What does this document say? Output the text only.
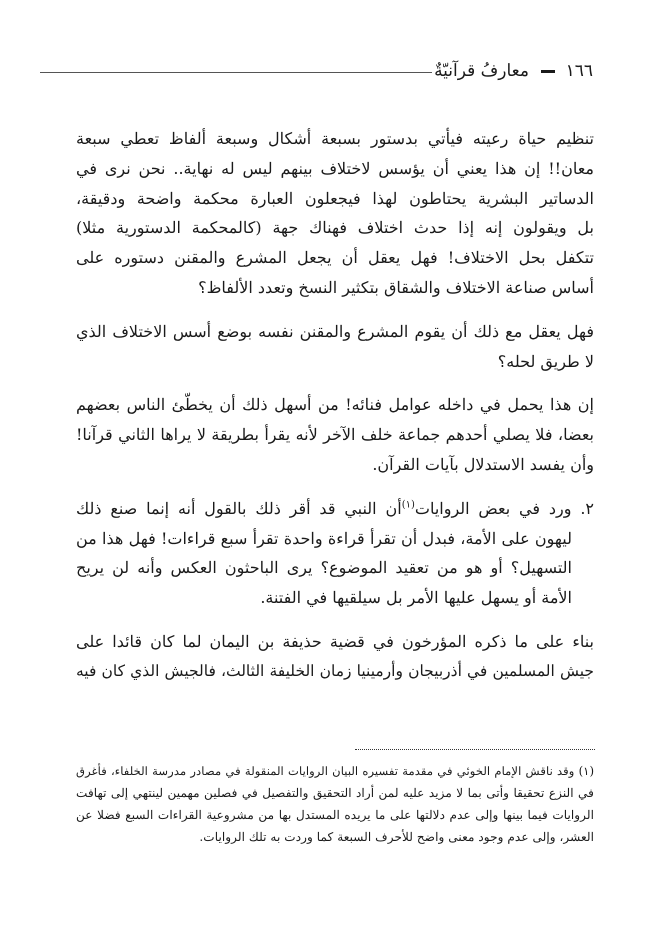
١٦٦
معارفُ قرآنيّةٌ
تنظيم حياة رعيته فيأتي بدستور بسبعة أشكال وسبعة ألفاظ تعطي سبعة
معان!! إن هذا يعني أن يؤسس لاختلاف بينهم ليس له نهاية.. نحن نرى في
الدساتير البشرية يحتاطون لهذا فيجعلون العبارة محكمة واضحة ودقيقة،
بل ويقولون إنه إذا حدث اختلاف فهناك جهة (كالمحكمة الدستورية مثلا)
تتكفل بحل الاختلاف! فهل يعقل أن يجعل المشرع والمقنن دستوره على
أساس صناعة الاختلاف والشقاق بتكثير النسخ وتعدد الألفاظ؟
فهل يعقل مع ذلك أن يقوم المشرع والمقنن نفسه بوضع أسس الاختلاف الذي
لا طريق لحله؟
إن هذا يحمل في داخله عوامل فنائه! من أسهل ذلك أن يخطّئ الناس بعضهم
بعضا، فلا يصلي أحدهم جماعة خلف الآخر لأنه يقرأ بطريقة لا يراها الثاني قرآنا!
وأن يفسد الاستدلال بآيات القرآن.
٢. ورد في بعض الروايات$^{(١)}$أن النبي قد أقر ذلك بالقول أنه إنما صنع ذلك
ليهون على الأمة، فبدل أن تقرأ قراءة واحدة تقرأ سبع قراءات! فهل هذا من
التسهيل؟ أو هو من تعقيد الموضوع؟ يرى الباحثون العكس وأنه لن يريح
الأمة أو يسهل عليها الأمر بل سيلقيها في الفتنة.
بناء على ما ذكره المؤرخون في قضية حذيفة بن اليمان لما كان قائدا على
جيش المسلمين في أذربيجان وأرمينيا زمان الخليفة الثالث، فالجيش الذي كان فيه
(١) وقد ناقش الإمام الخوئي في مقدمة تفسيره البيان الروايات المنقولة في مصادر مدرسة الخلفاء، فأغرق
في النزع تحقيقا وأتى بما لا مزيد عليه لمن أراد التحقيق والتفصيل في فصلين مهمين لينتهي إلى تهافت
الروايات فيما بينها وإلى عدم دلالتها على ما يريده المستدل بها من مشروعية القراءات السبع فضلا عن
العشر، وإلى عدم وجود معنى واضح للأحرف السبعة كما وردت به تلك الروايات.
